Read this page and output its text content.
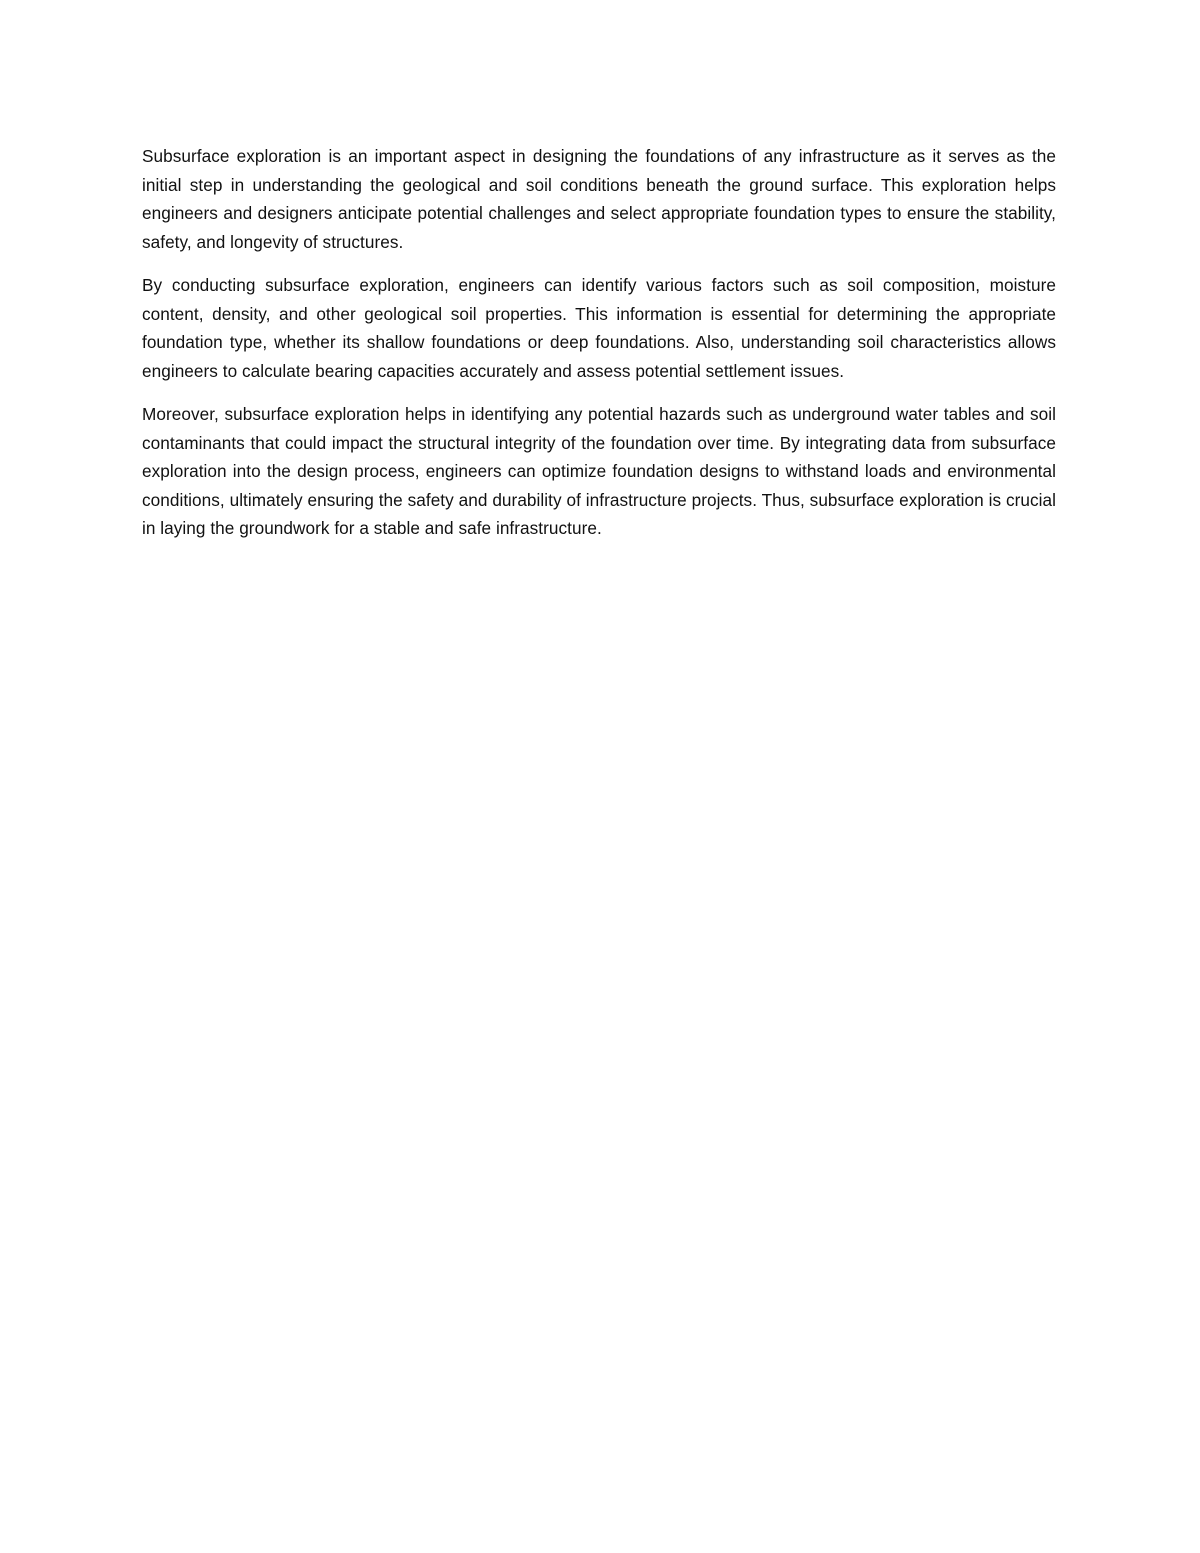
Subsurface exploration is an important aspect in designing the foundations of any infrastructure as it serves as the initial step in understanding the geological and soil conditions beneath the ground surface. This exploration helps engineers and designers anticipate potential challenges and select appropriate foundation types to ensure the stability, safety, and longevity of structures.

By conducting subsurface exploration, engineers can identify various factors such as soil composition, moisture content, density, and other geological soil properties. This information is essential for determining the appropriate foundation type, whether its shallow foundations or deep foundations. Also, understanding soil characteristics allows engineers to calculate bearing capacities accurately and assess potential settlement issues.

Moreover, subsurface exploration helps in identifying any potential hazards such as underground water tables and soil contaminants that could impact the structural integrity of the foundation over time. By integrating data from subsurface exploration into the design process, engineers can optimize foundation designs to withstand loads and environmental conditions, ultimately ensuring the safety and durability of infrastructure projects. Thus, subsurface exploration is crucial in laying the groundwork for a stable and safe infrastructure.
